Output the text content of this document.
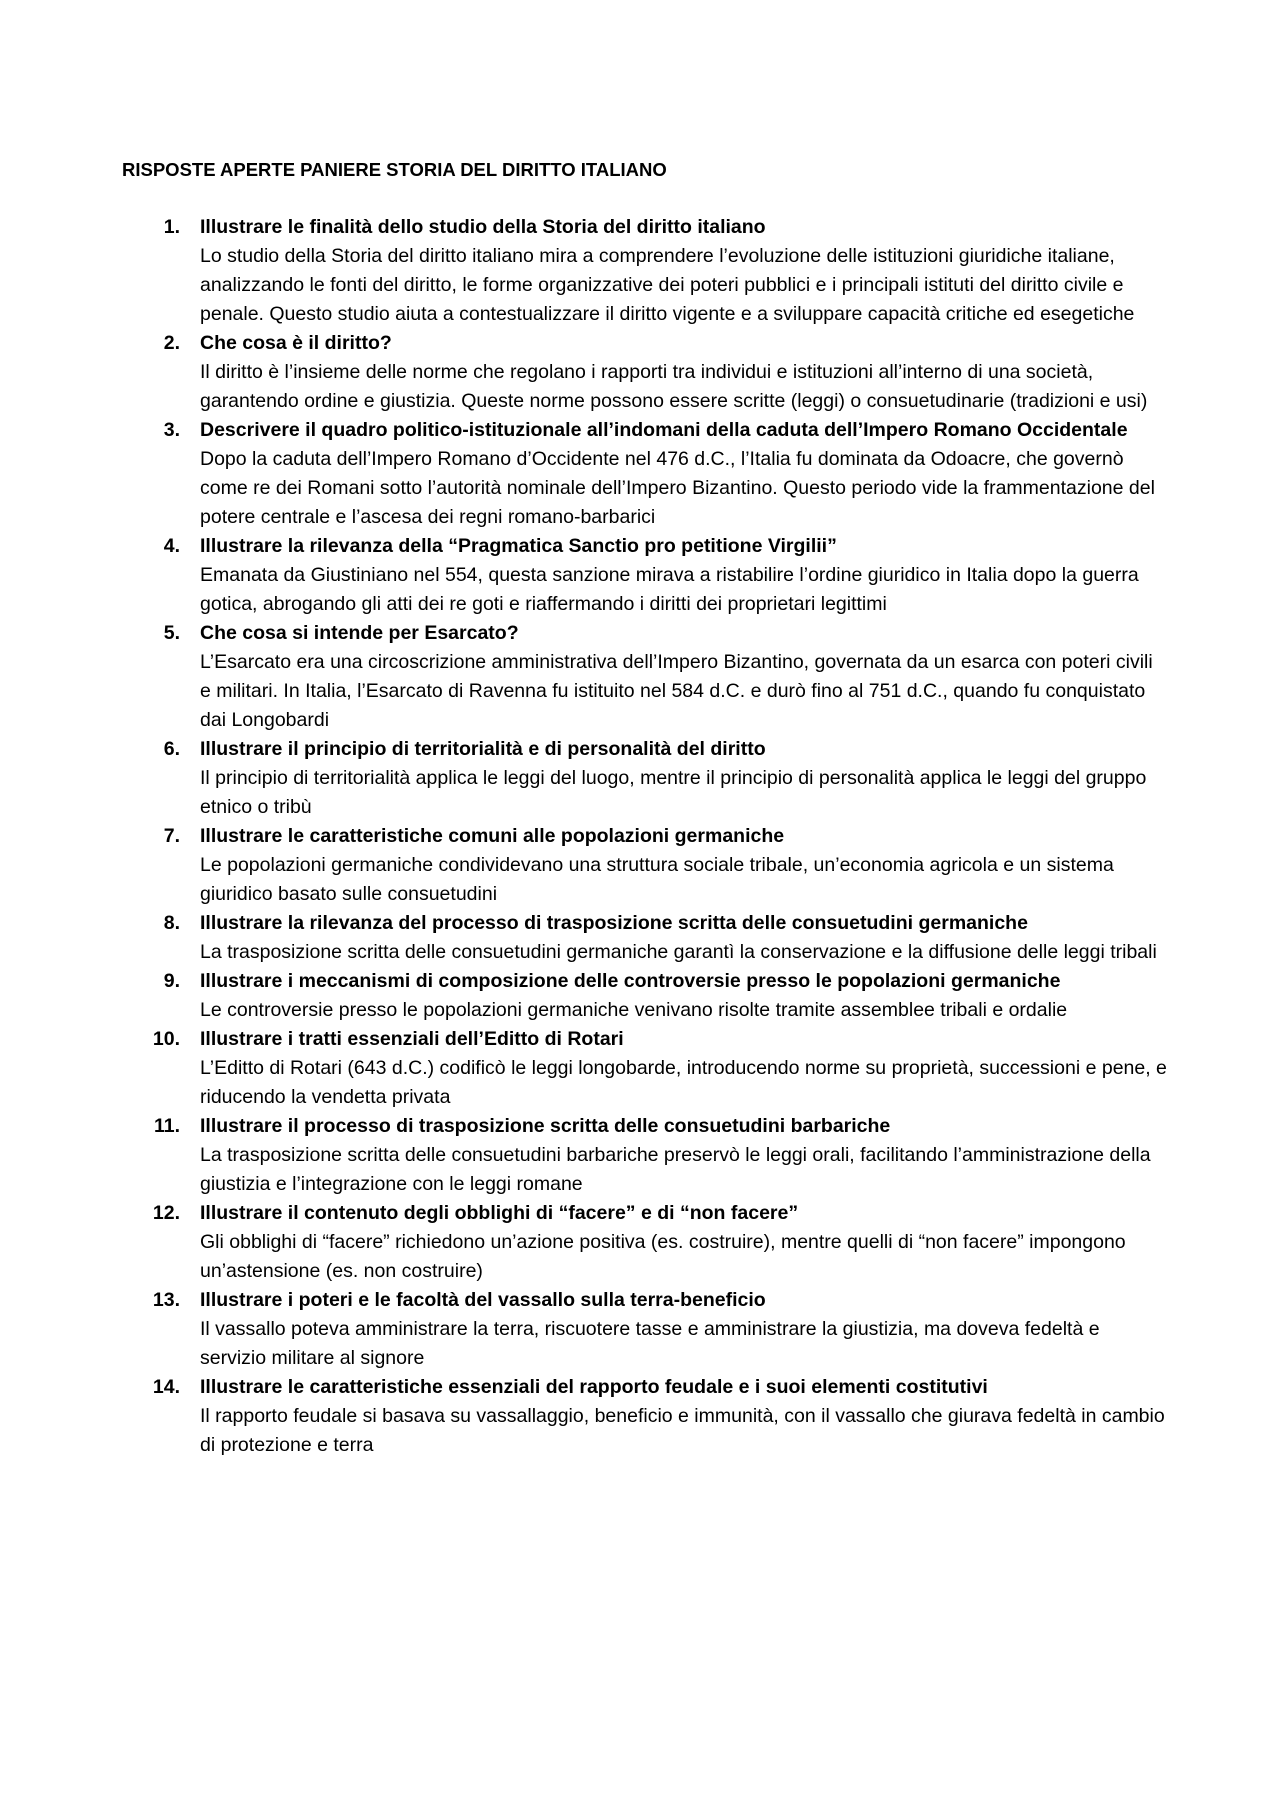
RISPOSTE APERTE PANIERE STORIA DEL DIRITTO ITALIANO
1. Illustrare le finalità dello studio della Storia del diritto italiano
Lo studio della Storia del diritto italiano mira a comprendere l’evoluzione delle istituzioni giuridiche italiane, analizzando le fonti del diritto, le forme organizzative dei poteri pubblici e i principali istituti del diritto civile e penale. Questo studio aiuta a contestualizzare il diritto vigente e a sviluppare capacità critiche ed esegetiche
2. Che cosa è il diritto?
Il diritto è l’insieme delle norme che regolano i rapporti tra individui e istituzioni all’interno di una società, garantendo ordine e giustizia. Queste norme possono essere scritte (leggi) o consuetudinarie (tradizioni e usi)
3. Descrivere il quadro politico-istituzionale all’indomani della caduta dell’Impero Romano Occidentale
Dopo la caduta dell’Impero Romano d’Occidente nel 476 d.C., l’Italia fu dominata da Odoacre, che governò come re dei Romani sotto l’autorità nominale dell’Impero Bizantino. Questo periodo vide la frammentazione del potere centrale e l’ascesa dei regni romano-barbarici
4. Illustrare la rilevanza della “Pragmatica Sanctio pro petitione Virgilii”
Emanata da Giustiniano nel 554, questa sanzione mirava a ristabilire l’ordine giuridico in Italia dopo la guerra gotica, abrogando gli atti dei re goti e riaffermando i diritti dei proprietari legittimi
5. Che cosa si intende per Esarcato?
L’Esarcato era una circoscrizione amministrativa dell’Impero Bizantino, governata da un esarca con poteri civili e militari. In Italia, l’Esarcato di Ravenna fu istituito nel 584 d.C. e durò fino al 751 d.C., quando fu conquistato dai Longobardi
6. Illustrare il principio di territorialità e di personalità del diritto
Il principio di territorialità applica le leggi del luogo, mentre il principio di personalità applica le leggi del gruppo etnico o tribù
7. Illustrare le caratteristiche comuni alle popolazioni germaniche
Le popolazioni germaniche condividevano una struttura sociale tribale, un’economia agricola e un sistema giuridico basato sulle consuetudini
8. Illustrare la rilevanza del processo di trasposizione scritta delle consuetudini germaniche
La trasposizione scritta delle consuetudini germaniche garantì la conservazione e la diffusione delle leggi tribali
9. Illustrare i meccanismi di composizione delle controversie presso le popolazioni germaniche
Le controversie presso le popolazioni germaniche venivano risolte tramite assemblee tribali e ordalie
10. Illustrare i tratti essenziali dell’Editto di Rotari
L’Editto di Rotari (643 d.C.) codificò le leggi longobarde, introducendo norme su proprietà, successioni e pene, e riducendo la vendetta privata
11. Illustrare il processo di trasposizione scritta delle consuetudini barbariche
La trasposizione scritta delle consuetudini barbariche preservò le leggi orali, facilitando l’amministrazione della giustizia e l’integrazione con le leggi romane
12. Illustrare il contenuto degli obblighi di “facere” e di “non facere”
Gli obblighi di “facere” richiedono un’azione positiva (es. costruire), mentre quelli di “non facere” impongono un’astensione (es. non costruire)
13. Illustrare i poteri e le facoltà del vassallo sulla terra-beneficio
Il vassallo poteva amministrare la terra, riscuotere tasse e amministrare la giustizia, ma doveva fedeltà e servizio militare al signore
14. Illustrare le caratteristiche essenziali del rapporto feudale e i suoi elementi costitutivi
Il rapporto feudale si basava su vassallaggio, beneficio e immunità, con il vassallo che giurava fedeltà in cambio di protezione e terra
